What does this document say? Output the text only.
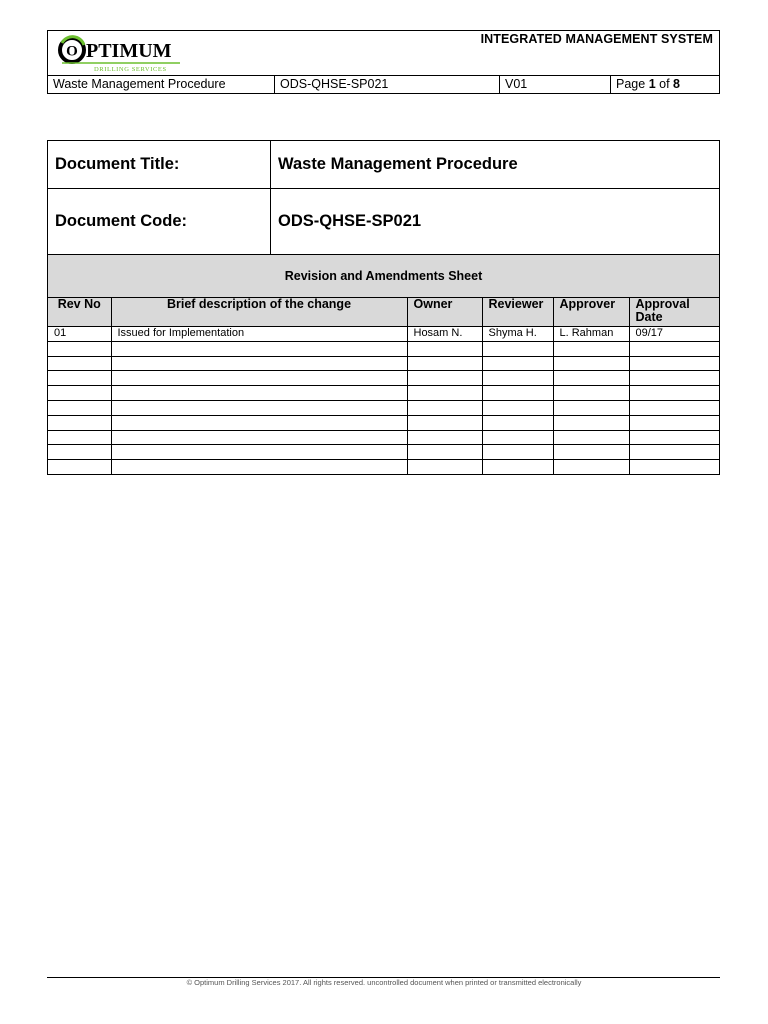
O PTIMUM
DRILLING SERVICES
INTEGRATED MANAGEMENT SYSTEM
Waste Management Procedure	ODS-QHSE-SP021	V01	Page 1 of 8
Document Title:	Waste Management Procedure
Document Code:	ODS-QHSE-SP021
Revision and Amendments Sheet
Rev No	Brief description of the change	Owner	Reviewer	Approver	Approval Date
01	Issued for Implementation	Hosam N.	Shyma H.	L. Rahman	09/17

© Optimum Drilling Services 2017. All rights reserved. uncontrolled document when printed or transmitted electronically
